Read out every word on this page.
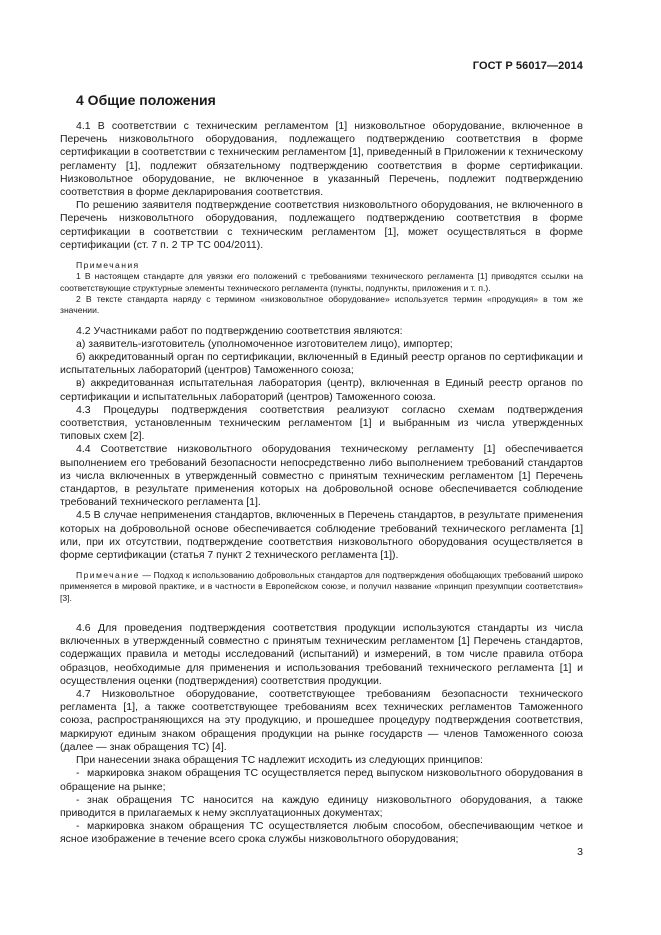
ГОСТ Р 56017—2014
4 Общие положения

4.1 В соответствии с техническим регламентом [1] низковольтное оборудование, включенное в Перечень низковольтного оборудования, подлежащего подтверждению соответствия в форме сертификации в соответствии с техническим регламентом [1], приведенный в Приложении к техническому регламенту [1], подлежит обязательному подтверждению соответствия в форме сертификации. Низковольтное оборудование, не включенное в указанный Перечень, подлежит подтверждению соответствия в форме декларирования соответствия.

По решению заявителя подтверждение соответствия низковольтного оборудования, не включенного в Перечень низковольтного оборудования, подлежащего подтверждению соответствия в форме сертификации в соответствии с техническим регламентом [1], может осуществляться в форме сертификации (ст. 7 п. 2 ТР ТС 004/2011).

Примечания

1 В настоящем стандарте для увязки его положений с требованиями технического регламента [1] приводятся ссылки на соответствующие структурные элементы технического регламента (пункты, подпункты, приложения и т. п.).

2 В тексте стандарта наряду с термином «низковольтное оборудование» используется термин «продукция» в том же значении.

4.2 Участниками работ по подтверждению соответствия являются:

а) заявитель-изготовитель (уполномоченное изготовителем лицо), импортер;

б) аккредитованный орган по сертификации, включенный в Единый реестр органов по сертификации и испытательных лабораторий (центров) Таможенного союза;

в) аккредитованная испытательная лаборатория (центр), включенная в Единый реестр органов по сертификации и испытательных лабораторий (центров) Таможенного союза.

4.3 Процедуры подтверждения соответствия реализуют согласно схемам подтверждения соответствия, установленным техническим регламентом [1] и выбранным из числа утвержденных типовых схем [2].

4.4 Соответствие низковольтного оборудования техническому регламенту [1] обеспечивается выполнением его требований безопасности непосредственно либо выполнением требований стандартов из числа включенных в утвержденный совместно с принятым техническим регламентом [1] Перечень стандартов, в результате применения которых на добровольной основе обеспечивается соблюдение требований технического регламента [1].

4.5 В случае неприменения стандартов, включенных в Перечень стандартов, в результате применения которых на добровольной основе обеспечивается соблюдение требований технического регламента [1] или, при их отсутствии, подтверждение соответствия низковольтного оборудования осуществляется в форме сертификации (статья 7 пункт 2 технического регламента [1]).

Примечание — Подход к использованию добровольных стандартов для подтверждения обобщающих требований широко применяется в мировой практике, и в частности в Европейском союзе, и получил название «принцип презумпции соответствия» [3].

4.6 Для проведения подтверждения соответствия продукции используются стандарты из числа включенных в утвержденный совместно с принятым техническим регламентом [1] Перечень стандартов, содержащих правила и методы исследований (испытаний) и измерений, в том числе правила отбора образцов, необходимые для применения и использования требований технического регламента [1] и осуществления оценки (подтверждения) соответствия продукции.

4.7 Низковольтное оборудование, соответствующее требованиям безопасности технического регламента [1], а также соответствующее требованиям всех технических регламентов Таможенного союза, распространяющихся на эту продукцию, и прошедшее процедуру подтверждения соответствия, маркируют единым знаком обращения продукции на рынке государств — членов Таможенного союза (далее — знак обращения ТС) [4].

При нанесении знака обращения ТС надлежит исходить из следующих принципов:

- маркировка знаком обращения ТС осуществляется перед выпуском низковольтного оборудования в обращение на рынке;
- знак обращения ТС наносится на каждую единицу низковольтного оборудования, а также приводится в прилагаемых к нему эксплуатационных документах;
- маркировка знаком обращения ТС осуществляется любым способом, обеспечивающим четкое и ясное изображение в течение всего срока службы низковольтного оборудования;
3
